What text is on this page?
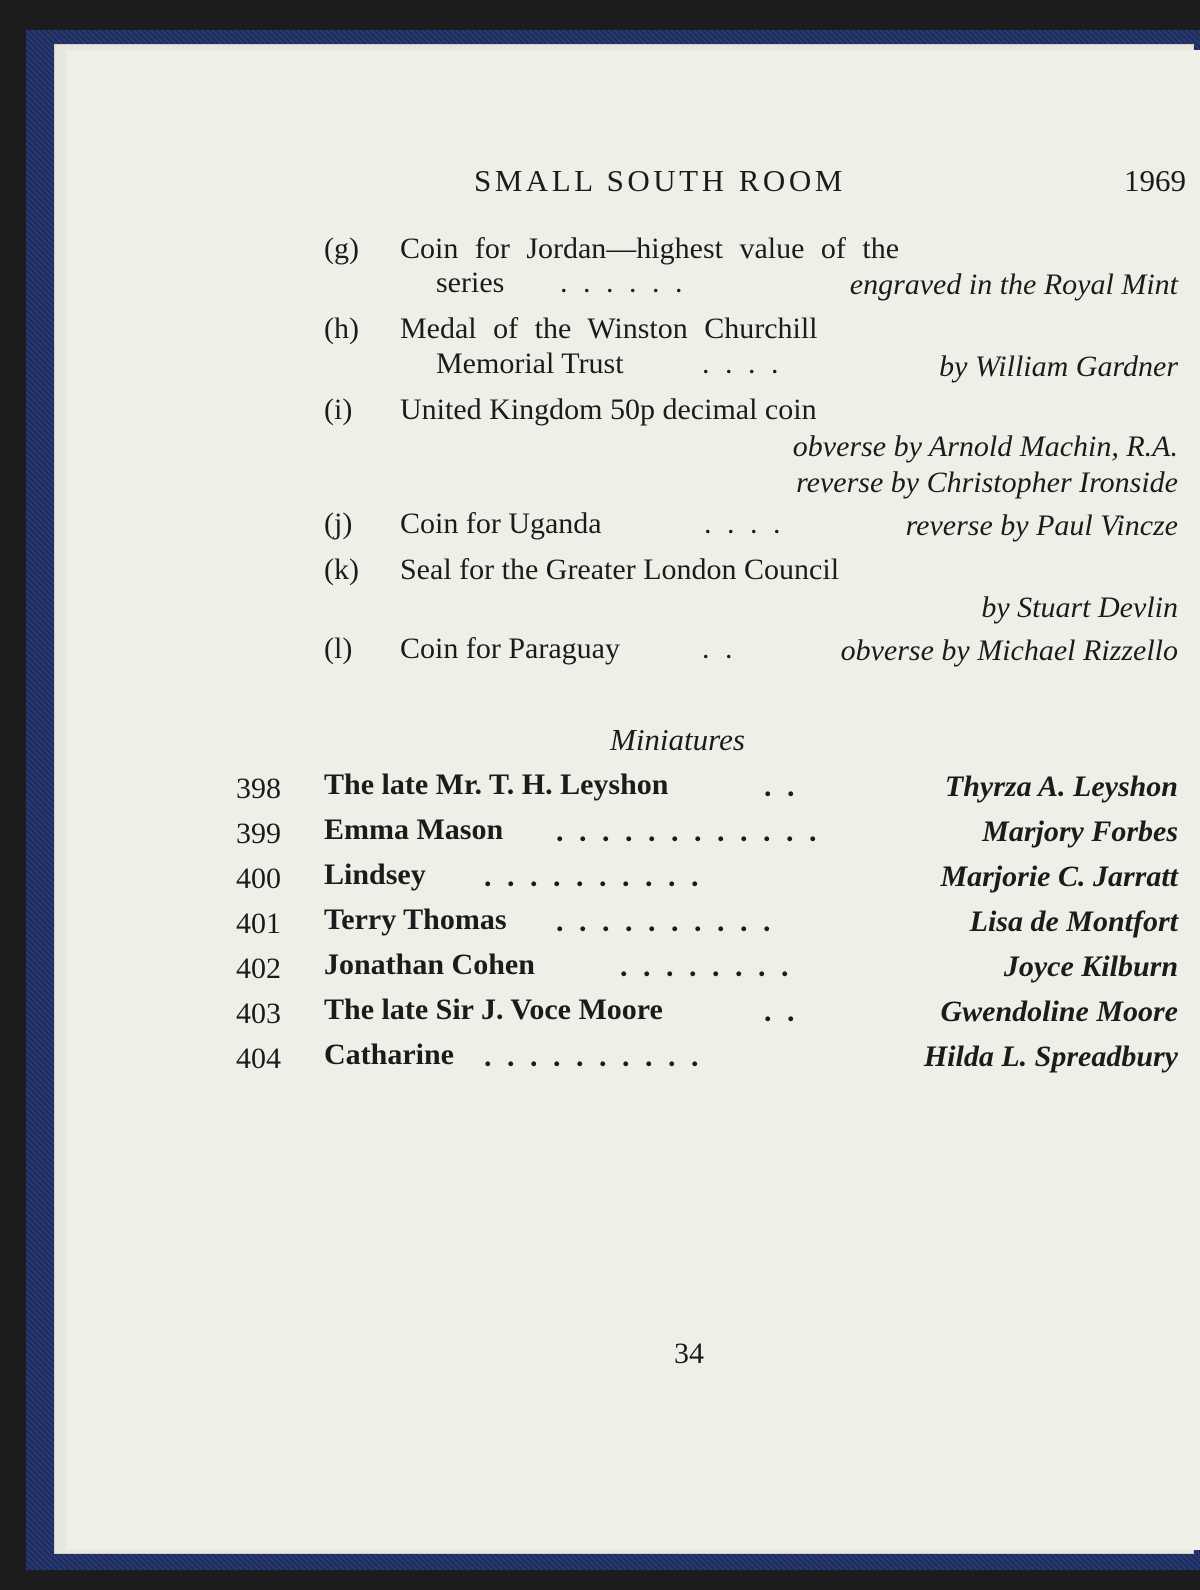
SMALL SOUTH ROOM	1969
(g) Coin for Jordan—highest value of the
series . . . . . .	engraved in the Royal Mint
(h) Medal of the Winston Churchill
Memorial Trust	. . . .	by William Gardner
(i) United Kingdom 50p decimal coin
obverse by Arnold Machin, R.A.
reverse by Christopher Ironside
(j) Coin for Uganda	. . . .	reverse by Paul Vincze
(k) Seal for the Greater London Council
by Stuart Devlin
(l) Coin for Paraguay	. .	obverse by Michael Rizzello
Miniatures
398 The late Mr. T. H. Leyshon	. .	Thyrza A. Leyshon
399 Emma Mason . . . . . . . . . . . .	Marjory Forbes
400 Lindsey . . . . . . . . . .	Marjorie C. Jarratt
401 Terry Thomas . . . . . . . . . .	Lisa de Montfort
402 Jonathan Cohen	. . . . . . . .	Joyce Kilburn
403 The late Sir J. Voce Moore	. .	Gwendoline Moore
404 Catharine . . . . . . . . . .	Hilda L. Spreadbury
34
